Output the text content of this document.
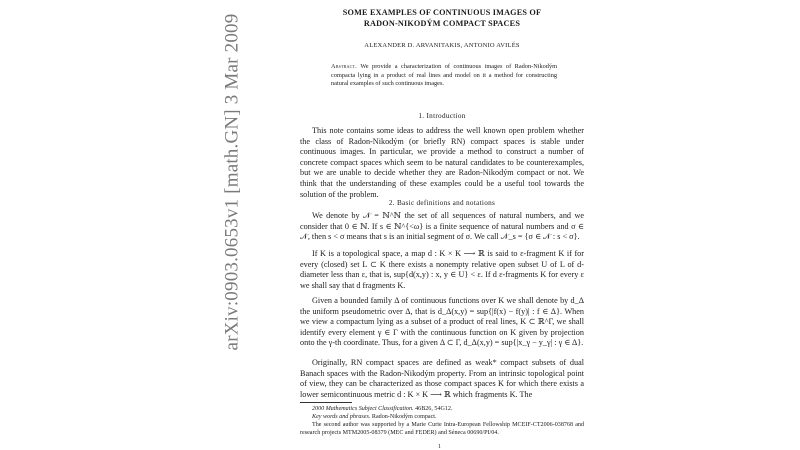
arXiv:0903.0653v1 [math.GN] 3 Mar 2009
SOME EXAMPLES OF CONTINUOUS IMAGES OF
RADON-NIKODÝM COMPACT SPACES
ALEXANDER D. ARVANITAKIS, ANTONIO AVILÉS
Abstract. We provide a characterization of continuous images of Radon-Nikodým compacta lying in a product of real lines and model on it a method for constructing natural examples of such continuous images.
1. Introduction
This note contains some ideas to address the well known open problem whether the class of Radon-Nikodým (or briefly RN) compact spaces is stable under continuous images. In particular, we provide a method to construct a number of concrete compact spaces which seem to be natural candidates to be counterexamples, but we are unable to decide whether they are Radon-Nikodým compact or not. We think that the understanding of these examples could be a useful tool towards the solution of the problem.
2. Basic definitions and notations
We denote by 𝒩 = ℕ^ℕ the set of all sequences of natural numbers, and we consider that 0 ∈ ℕ. If s ∈ ℕ^{<ω} is a finite sequence of natural numbers and σ ∈ 𝒩, then s < σ means that s is an initial segment of σ. We call 𝒩_s = {σ ∈ 𝒩 : s < σ}.
If K is a topological space, a map d : K × K ⟶ ℝ is said to ε-fragment K if for every (closed) set L ⊂ K there exists a nonempty relative open subset U of L of d-diameter less than ε, that is, sup{d(x,y) : x, y ∈ U} < ε. If d ε-fragments K for every ε we shall say that d fragments K.
Given a bounded family Δ of continuous functions over K we shall denote by d_Δ the uniform pseudometric over Δ, that is d_Δ(x,y) = sup{|f(x) − f(y)| : f ∈ Δ}. When we view a compactum lying as a subset of a product of real lines, K ⊂ ℝ^Γ, we shall identify every element γ ∈ Γ with the continuous function on K given by projection onto the γ-th coordinate. Thus, for a given Δ ⊂ Γ, d_Δ(x,y) = sup{|x_γ − y_γ| : γ ∈ Δ}.
Originally, RN compact spaces are defined as weak* compact subsets of dual Banach spaces with the Radon-Nikodým property. From an intrinsic topological point of view, they can be characterized as those compact spaces K for which there exists a lower semicontinuous metric d : K × K ⟶ ℝ which fragments K. The
2000 Mathematics Subject Classification. 46B26, 54G12.
Key words and phrases. Radon-Nikodým compact.
The second author was supported by a Marie Curie Intra-European Fellowship MCEIF-CT2006-038768 and research projects MTM2005-08379 (MEC and FEDER) and Séneca 00690/PI/04.
1
